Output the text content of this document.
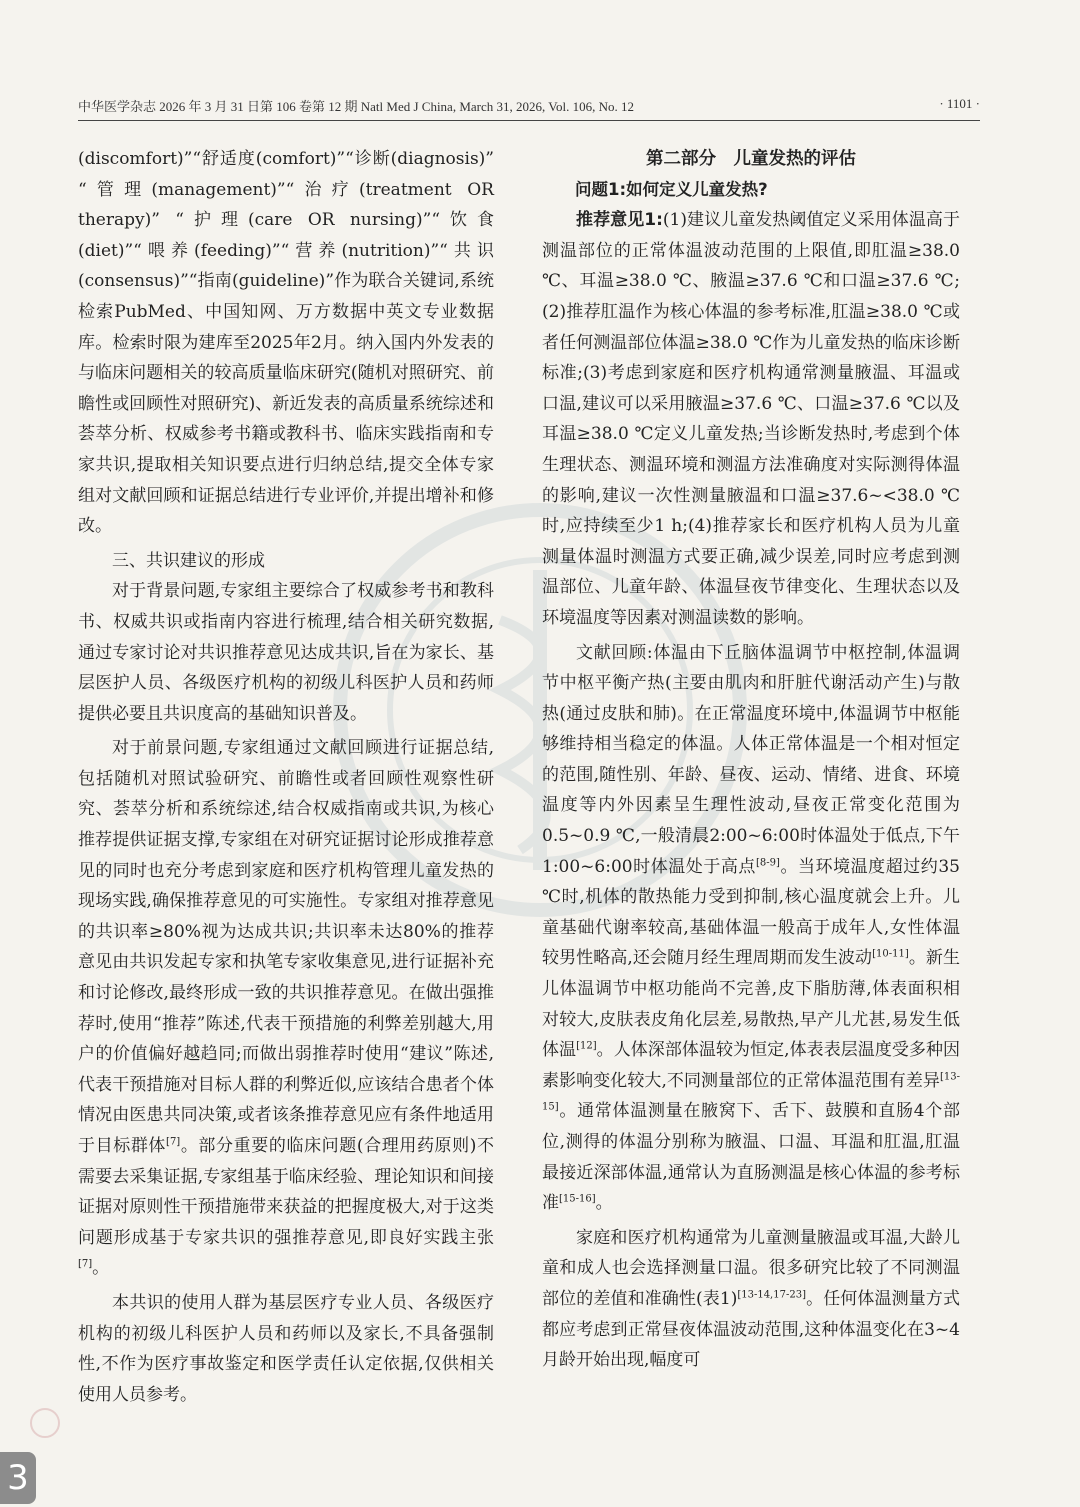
中华医学杂志 2026 年 3 月 31 日第 106 卷第 12 期 Natl Med J China, March 31, 2026, Vol. 106, No. 12	· 1101 ·

(discomfort)”“舒适度(comfort)”“诊断(diagnosis)” “管理(management)”“治疗(treatment OR therapy)” “护理(care OR nursing)”“饮食(diet)”“喂养(feeding)”“营养(nutrition)”“共识(consensus)”“指南(guideline)”作为联合关键词,系统检索PubMed、中国知网、万方数据中英文专业数据库。检索时限为建库至2025年2月。纳入国内外发表的与临床问题相关的较高质量临床研究(随机对照研究、前瞻性或回顾性对照研究)、新近发表的高质量系统综述和荟萃分析、权威参考书籍或教科书、临床实践指南和专家共识,提取相关知识要点进行归纳总结,提交全体专家组对文献回顾和证据总结进行专业评价,并提出增补和修改。

三、共识建议的形成

对于背景问题,专家组主要综合了权威参考书和教科书、权威共识或指南内容进行梳理,结合相关研究数据,通过专家讨论对共识推荐意见达成共识,旨在为家长、基层医护人员、各级医疗机构的初级儿科医护人员和药师提供必要且共识度高的基础知识普及。

对于前景问题,专家组通过文献回顾进行证据总结,包括随机对照试验研究、前瞻性或者回顾性观察性研究、荟萃分析和系统综述,结合权威指南或共识,为核心推荐提供证据支撑,专家组在对研究证据讨论形成推荐意见的同时也充分考虑到家庭和医疗机构管理儿童发热的现场实践,确保推荐意见的可实施性。专家组对推荐意见的共识率≥80%视为达成共识;共识率未达80%的推荐意见由共识发起专家和执笔专家收集意见,进行证据补充和讨论修改,最终形成一致的共识推荐意见。在做出强推荐时,使用“推荐”陈述,代表干预措施的利弊差别越大,用户的价值偏好越趋同;而做出弱推荐时使用“建议”陈述,代表干预措施对目标人群的利弊近似,应该结合患者个体情况由医患共同决策,或者该条推荐意见应有条件地适用于目标群体[7]。部分重要的临床问题(合理用药原则)不需要去采集证据,专家组基于临床经验、理论知识和间接证据对原则性干预措施带来获益的把握度极大,对于这类问题形成基于专家共识的强推荐意见,即良好实践主张[7]。

本共识的使用人群为基层医疗专业人员、各级医疗机构的初级儿科医护人员和药师以及家长,不具备强制性,不作为医疗事故鉴定和医学责任认定依据,仅供相关使用人员参考。

第二部分　儿童发热的评估

问题1:如何定义儿童发热?

推荐意见1:(1)建议儿童发热阈值定义采用体温高于测温部位的正常体温波动范围的上限值,即肛温≥38.0 ℃、耳温≥38.0 ℃、腋温≥37.6 ℃和口温≥37.6 ℃;(2)推荐肛温作为核心体温的参考标准,肛温≥38.0 ℃或者任何测温部位体温≥38.0 ℃作为儿童发热的临床诊断标准;(3)考虑到家庭和医疗机构通常测量腋温、耳温或口温,建议可以采用腋温≥37.6 ℃、口温≥37.6 ℃以及耳温≥38.0 ℃定义儿童发热;当诊断发热时,考虑到个体生理状态、测温环境和测温方法准确度对实际测得体温的影响,建议一次性测量腋温和口温≥37.6~<38.0 ℃时,应持续至少1 h;(4)推荐家长和医疗机构人员为儿童测量体温时测温方式要正确,减少误差,同时应考虑到测温部位、儿童年龄、体温昼夜节律变化、生理状态以及环境温度等因素对测温读数的影响。

文献回顾:体温由下丘脑体温调节中枢控制,体温调节中枢平衡产热(主要由肌肉和肝脏代谢活动产生)与散热(通过皮肤和肺)。在正常温度环境中,体温调节中枢能够维持相当稳定的体温。人体正常体温是一个相对恒定的范围,随性别、年龄、昼夜、运动、情绪、进食、环境温度等内外因素呈生理性波动,昼夜正常变化范围为0.5~0.9 ℃,一般清晨2:00~6:00时体温处于低点,下午1:00~6:00时体温处于高点[8-9]。当环境温度超过约35 ℃时,机体的散热能力受到抑制,核心温度就会上升。儿童基础代谢率较高,基础体温一般高于成年人,女性体温较男性略高,还会随月经生理周期而发生波动[10-11]。新生儿体温调节中枢功能尚不完善,皮下脂肪薄,体表面积相对较大,皮肤表皮角化层差,易散热,早产儿尤甚,易发生低体温[12]。人体深部体温较为恒定,体表表层温度受多种因素影响变化较大,不同测量部位的正常体温范围有差异[13-15]。通常体温测量在腋窝下、舌下、鼓膜和直肠4个部位,测得的体温分别称为腋温、口温、耳温和肛温,肛温最接近深部体温,通常认为直肠测温是核心体温的参考标准[15-16]。

家庭和医疗机构通常为儿童测量腋温或耳温,大龄儿童和成人也会选择测量口温。很多研究比较了不同测温部位的差值和准确性(表1)[13-14,17-23]。任何体温测量方式都应考虑到正常昼夜体温波动范围,这种体温变化在3~4月龄开始出现,幅度可

3
